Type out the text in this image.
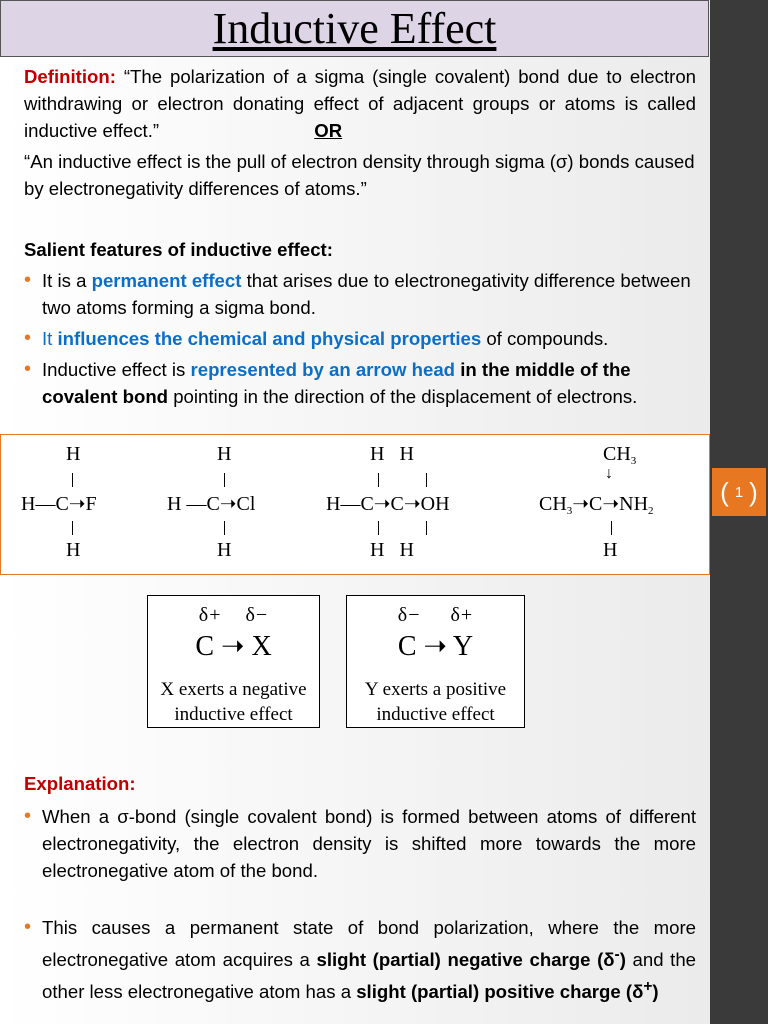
( 1 )
Inductive Effect
Definition: “The polarization of a sigma (single covalent) bond due to electron withdrawing or electron donating effect of adjacent groups or atoms is called inductive effect.”	OR
“An inductive effect is the pull of electron density through sigma (σ) bonds caused by electronegativity differences of atoms.”
Salient features of inductive effect:
• It is a permanent effect that arises due to electronegativity difference between two atoms forming a sigma bond.
• It influences the chemical and physical properties of compounds.
• Inductive effect is represented by an arrow head in the middle of the covalent bond pointing in the direction of the displacement of electrons.
H
H—C➝F
H
H
H —C➝Cl
H
H   H
H—C➝C➝OH
H   H
$CH_3$
↓
$CH_3➝C➝NH_2$
H
δ+    δ−
C ➝ X
X exerts a negative
inductive effect
δ−     δ+
C ➝ Y
Y exerts a positive
inductive effect
Explanation:
• When a σ-bond (single covalent bond) is formed between atoms of different electronegativity, the electron density is shifted more towards the more electronegative atom of the bond.
• This causes a permanent state of bond polarization, where the more electronegative atom acquires a slight (partial) negative charge (δ-) and the other less electronegative atom has a slight (partial) positive charge (δ+)
